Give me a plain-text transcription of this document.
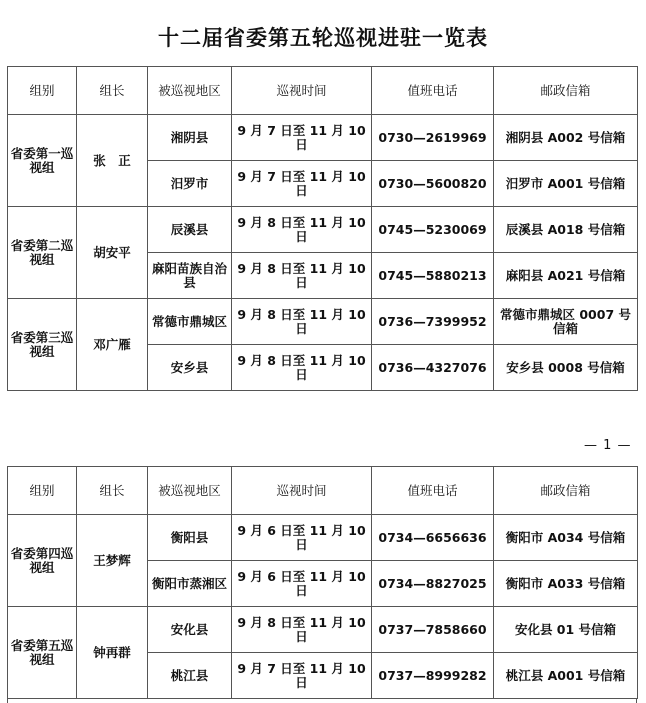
十二届省委第五轮巡视进驻一览表
组别	组长	被巡视地区	巡视时间	值班电话	邮政信箱
省委第一巡视组	张　正	湘阴县	9 月 7 日至 11 月 10 日	0730—2619969	湘阴县 A002 号信箱
		汨罗市	9 月 7 日至 11 月 10 日	0730—5600820	汨罗市 A001 号信箱
省委第二巡视组	胡安平	辰溪县	9 月 8 日至 11 月 10 日	0745—5230069	辰溪县 A018 号信箱
		麻阳苗族自治县	9 月 8 日至 11 月 10 日	0745—5880213	麻阳县 A021 号信箱
省委第三巡视组	邓广雁	常德市鼎城区	9 月 8 日至 11 月 10 日	0736—7399952	常德市鼎城区 0007 号信箱
		安乡县	9 月 8 日至 11 月 10 日	0736—4327076	安乡县 0008 号信箱
— 1 —
组别	组长	被巡视地区	巡视时间	值班电话	邮政信箱
省委第四巡视组	王梦辉	衡阳县	9 月 6 日至 11 月 10 日	0734—6656636	衡阳市 A034 号信箱
		衡阳市蒸湘区	9 月 6 日至 11 月 10 日	0734—8827025	衡阳市 A033 号信箱
省委第五巡视组	钟再群	安化县	9 月 8 日至 11 月 10 日	0737—7858660	安化县 01 号信箱
		桃江县	9 月 7 日至 11 月 10 日	0737—8999282	桃江县 A001 号信箱
